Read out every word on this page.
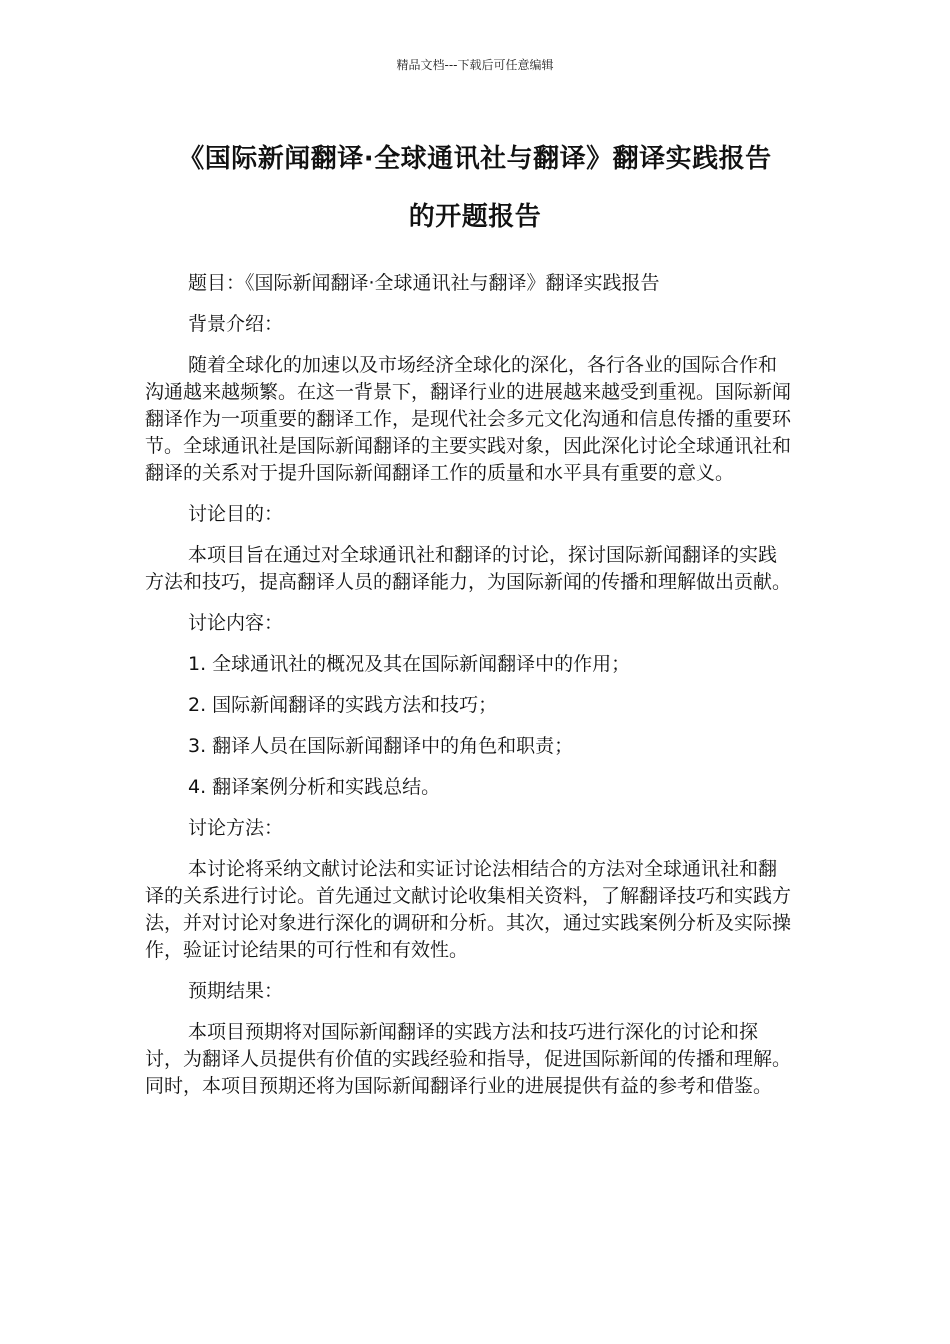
精品文档---下载后可任意编辑
《国际新闻翻译·全球通讯社与翻译》翻译实践报告
的开题报告

题目：《国际新闻翻译·全球通讯社与翻译》翻译实践报告

背景介绍：

随着全球化的加速以及市场经济全球化的深化，各行各业的国际合作和沟通越来越频繁。在这一背景下，翻译行业的进展越来越受到重视。国际新闻翻译作为一项重要的翻译工作，是现代社会多元文化沟通和信息传播的重要环节。全球通讯社是国际新闻翻译的主要实践对象，因此深化讨论全球通讯社和翻译的关系对于提升国际新闻翻译工作的质量和水平具有重要的意义。

讨论目的：

本项目旨在通过对全球通讯社和翻译的讨论，探讨国际新闻翻译的实践方法和技巧，提高翻译人员的翻译能力，为国际新闻的传播和理解做出贡献。

讨论内容：

1. 全球通讯社的概况及其在国际新闻翻译中的作用；

2. 国际新闻翻译的实践方法和技巧；

3. 翻译人员在国际新闻翻译中的角色和职责；

4. 翻译案例分析和实践总结。

讨论方法：

本讨论将采纳文献讨论法和实证讨论法相结合的方法对全球通讯社和翻译的关系进行讨论。首先通过文献讨论收集相关资料，了解翻译技巧和实践方法，并对讨论对象进行深化的调研和分析。其次，通过实践案例分析及实际操作，验证讨论结果的可行性和有效性。

预期结果：

本项目预期将对国际新闻翻译的实践方法和技巧进行深化的讨论和探讨，为翻译人员提供有价值的实践经验和指导，促进国际新闻的传播和理解。同时，本项目预期还将为国际新闻翻译行业的进展提供有益的参考和借鉴。
